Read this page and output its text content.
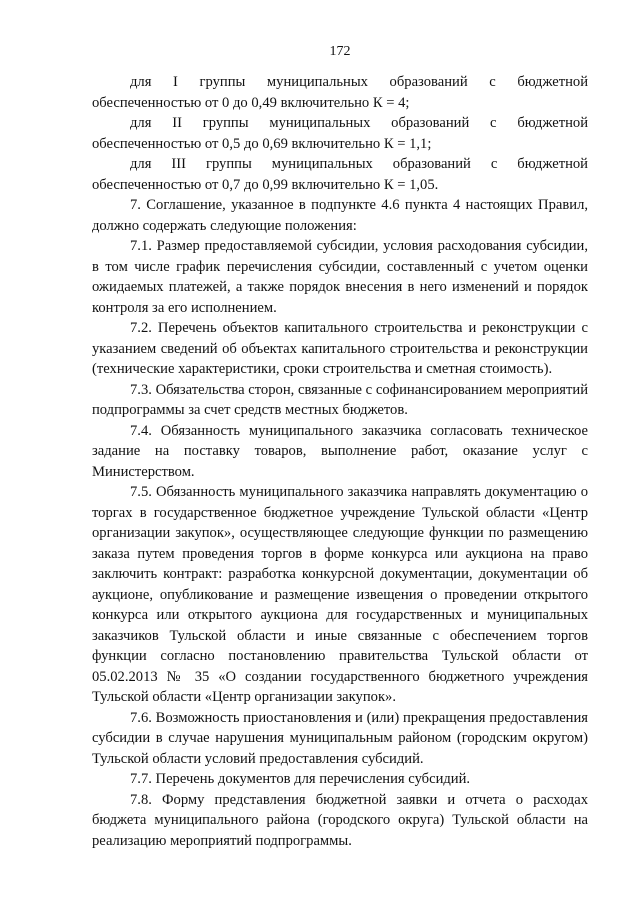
172

для I группы муниципальных образований с бюджетной обеспеченностью от 0 до 0,49 включительно К = 4;

для II группы муниципальных образований с бюджетной обеспеченностью от 0,5 до 0,69 включительно К = 1,1;

для III группы муниципальных образований с бюджетной обеспеченностью от 0,7 до 0,99 включительно К = 1,05.

7. Соглашение, указанное в подпункте 4.6 пункта 4 настоящих Правил, должно содержать следующие положения:

7.1. Размер предоставляемой субсидии, условия расходования субсидии, в том числе график перечисления субсидии, составленный с учетом оценки ожидаемых платежей, а также порядок внесения в него изменений и порядок контроля за его исполнением.

7.2. Перечень объектов капитального строительства и реконструкции с указанием сведений об объектах капитального строительства и реконструкции (технические характеристики, сроки строительства и сметная стоимость).

7.3. Обязательства сторон, связанные с софинансированием мероприятий подпрограммы за счет средств местных бюджетов.

7.4. Обязанность муниципального заказчика согласовать техническое задание на поставку товаров, выполнение работ, оказание услуг с Министерством.

7.5. Обязанность муниципального заказчика направлять документацию о торгах в государственное бюджетное учреждение Тульской области «Центр организации закупок», осуществляющее следующие функции по размещению заказа путем проведения торгов в форме конкурса или аукциона на право заключить контракт: разработка конкурсной документации, документации об аукционе, опубликование и размещение извещения о проведении открытого конкурса или открытого аукциона для государственных и муниципальных заказчиков Тульской области и иные связанные с обеспечением торгов функции согласно постановлению правительства Тульской области от 05.02.2013 № 35 «О создании государственного бюджетного учреждения Тульской области «Центр организации закупок».

7.6. Возможность приостановления и (или) прекращения предоставления субсидии в случае нарушения муниципальным районом (городским округом) Тульской области условий предоставления субсидий.

7.7. Перечень документов для перечисления субсидий.

7.8. Форму представления бюджетной заявки и отчета о расходах бюджета муниципального района (городского округа) Тульской области на реализацию мероприятий подпрограммы.
